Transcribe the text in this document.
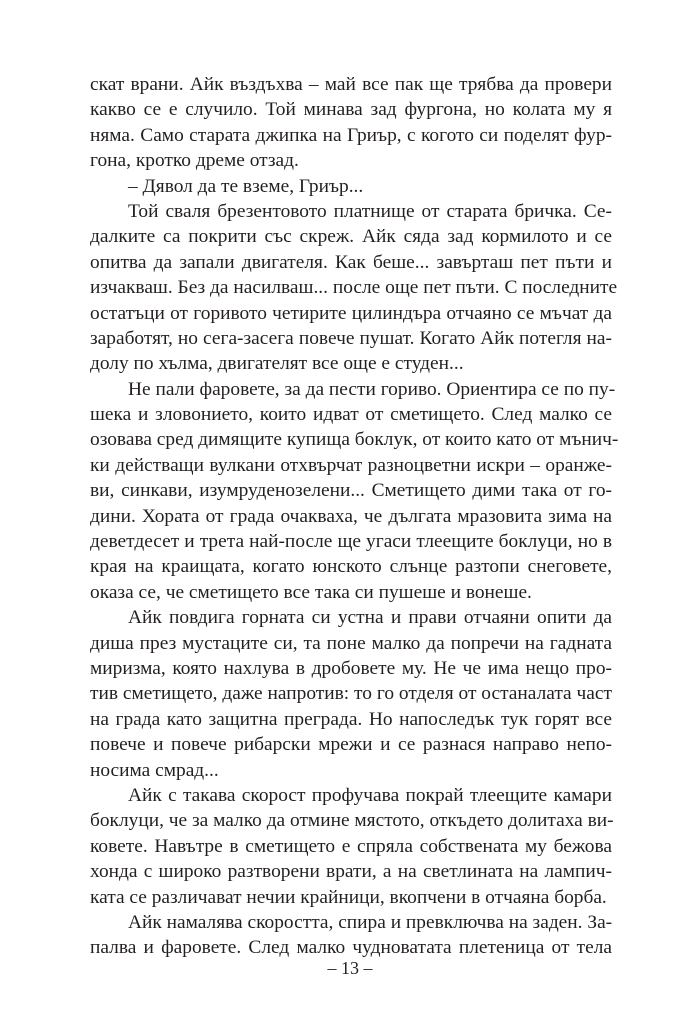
скат врани. Айк въздъхва – май все пак ще трябва да провери
какво се е случило. Той минава зад фургона, но колата му я
няма. Само старата джипка на Гриър, с когото си поделят фур-
гона, кротко дреме отзад.
– Дявол да те вземе, Гриър...
Той сваля брезентовото платнище от старата бричка. Се-
далките са покрити със скреж. Айк сяда зад кормилото и се
опитва да запали двигателя. Как беше... завърташ пет пъти и
изчакваш. Без да насилваш... после още пет пъти. С последните
остатъци от горивото четирите цилиндъра отчаяно се мъчат да
заработят, но сега-засега повече пушат. Когато Айк потегля на-
долу по хълма, двигателят все още е студен...
Не пали фаровете, за да пести гориво. Ориентира се по пу-
шека и зловонието, които идват от сметището. След малко се
озовава сред димящите купища боклук, от които като от мънич-
ки действащи вулкани отхвърчат разноцветни искри – оранже-
ви, синкави, изумруденозелени... Сметището дими така от го-
дини. Хората от града очакваха, че дългата мразовита зима на
деветдесет и трета най-после ще угаси тлеещите боклуци, но в
края на краищата, когато юнското слънце разтопи снеговете,
оказа се, че сметището все така си пушеше и вонеше.
Айк повдига горната си устна и прави отчаяни опити да
диша през мустаците си, та поне малко да попречи на гадната
миризма, която нахлува в дробовете му. Не че има нещо про-
тив сметището, даже напротив: то го отделя от останалата част
на града като защитна преграда. Но напоследък тук горят все
повече и повече рибарски мрежи и се разнася направо непо-
носима смрад...
Айк с такава скорост профучава покрай тлеещите камари
боклуци, че за малко да отмине мястото, откъдето долитаха ви-
ковете. Навътре в сметището е спряла собствената му бежова
хонда с широко разтворени врати, а на светлината на лампич-
ката се различават нечии крайници, вкопчени в отчаяна борба.
Айк намалява скоростта, спира и превключва на заден. За-
палва и фаровете. След малко чудноватата плетеница от тела
– 13 –
